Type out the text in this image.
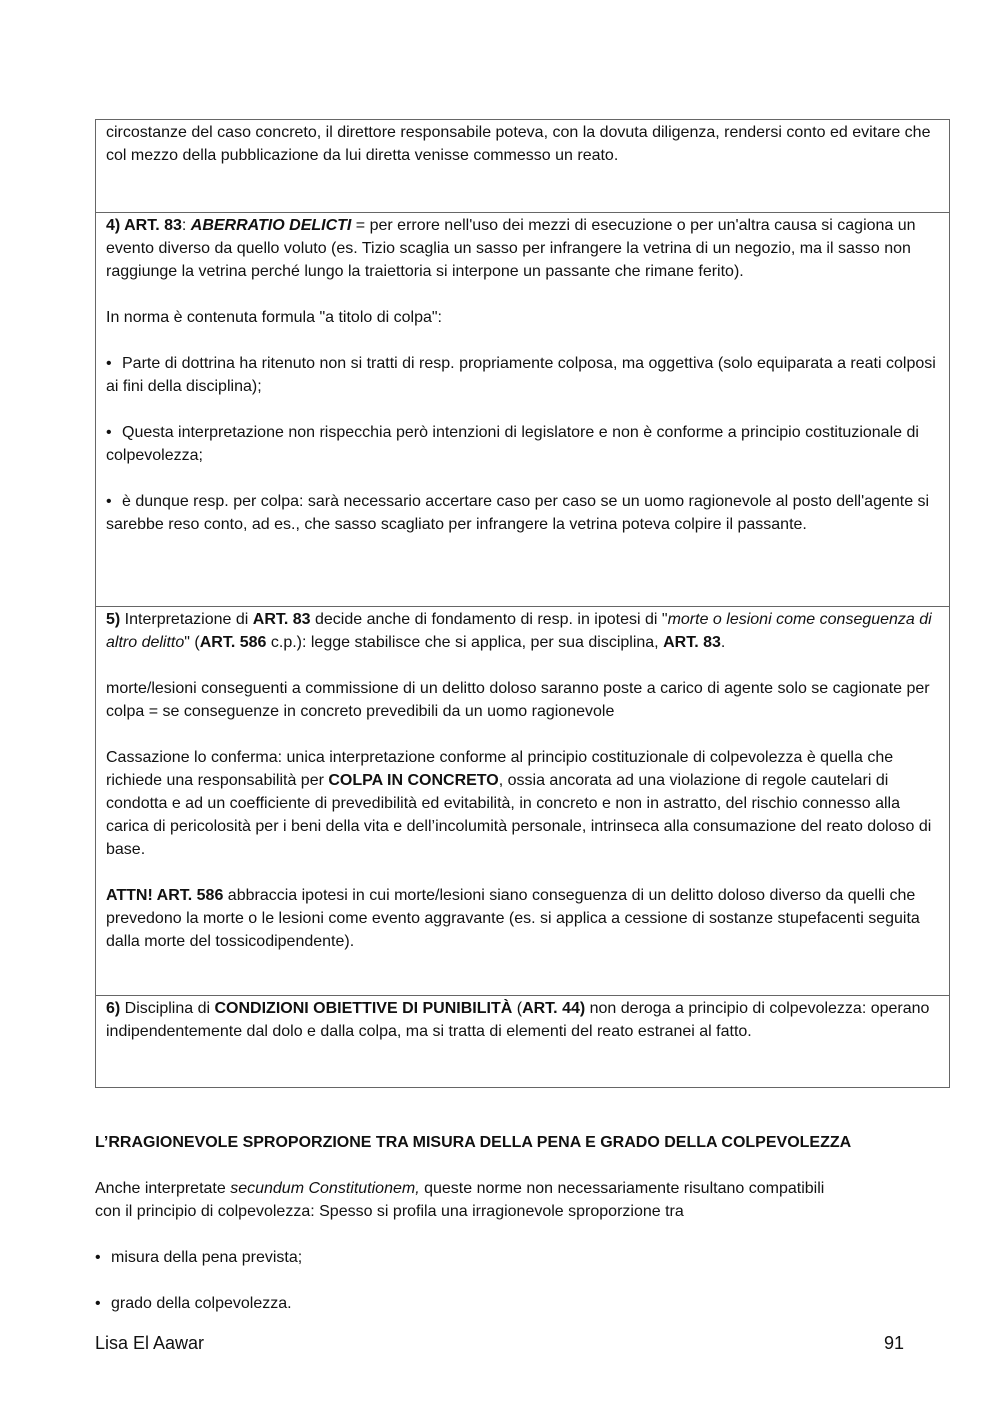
circostanze del caso concreto, il direttore responsabile poteva, con la dovuta diligenza, rendersi conto ed evitare che col mezzo della pubblicazione da lui diretta venisse commesso un reato.

4) ART. 83: ABERRATIO DELICTI = per errore nell'uso dei mezzi di esecuzione o per un'altra causa si cagiona un evento diverso da quello voluto (es. Tizio scaglia un sasso per infrangere la vetrina di un negozio, ma il sasso non raggiunge la vetrina perché lungo la traiettoria si interpone un passante che rimane ferito).

In norma è contenuta formula "a titolo di colpa":

• Parte di dottrina ha ritenuto non si tratti di resp. propriamente colposa, ma oggettiva (solo equiparata a reati colposi ai fini della disciplina);

• Questa interpretazione non rispecchia però intenzioni di legislatore e non è conforme a principio costituzionale di colpevolezza;

• è dunque resp. per colpa: sarà necessario accertare caso per caso se un uomo ragionevole al posto dell'agente si sarebbe reso conto, ad es., che sasso scagliato per infrangere la vetrina poteva colpire il passante.

5) Interpretazione di ART. 83 decide anche di fondamento di resp. in ipotesi di "morte o lesioni come conseguenza di altro delitto" (ART. 586 c.p.): legge stabilisce che si applica, per sua disciplina, ART. 83.

morte/lesioni conseguenti a commissione di un delitto doloso saranno poste a carico di agente solo se cagionate per colpa = se conseguenze in concreto prevedibili da un uomo ragionevole

Cassazione lo conferma: unica interpretazione conforme al principio costituzionale di colpevolezza è quella che richiede una responsabilità per COLPA IN CONCRETO, ossia ancorata ad una violazione di regole cautelari di condotta e ad un coefficiente di prevedibilità ed evitabilità, in concreto e non in astratto, del rischio connesso alla carica di pericolosità per i beni della vita e dell’incolumità personale, intrinseca alla consumazione del reato doloso di base.

ATTN! ART. 586 abbraccia ipotesi in cui morte/lesioni siano conseguenza di un delitto doloso diverso da quelli che prevedono la morte o le lesioni come evento aggravante (es. si applica a cessione di sostanze stupefacenti seguita dalla morte del tossicodipendente).

6) Disciplina di CONDIZIONI OBIETTIVE DI PUNIBILITÀ (ART. 44) non deroga a principio di colpevolezza: operano indipendentemente dal dolo e dalla colpa, ma si tratta di elementi del reato estranei al fatto.

L’RRAGIONEVOLE SPROPORZIONE TRA MISURA DELLA PENA E GRADO DELLA COLPEVOLEZZA

Anche interpretate secundum Constitutionem, queste norme non necessariamente risultano compatibili
con il principio di colpevolezza: Spesso si profila una irragionevole sproporzione tra

• misura della pena prevista;

• grado della colpevolezza.

Lisa El Aawar	91
